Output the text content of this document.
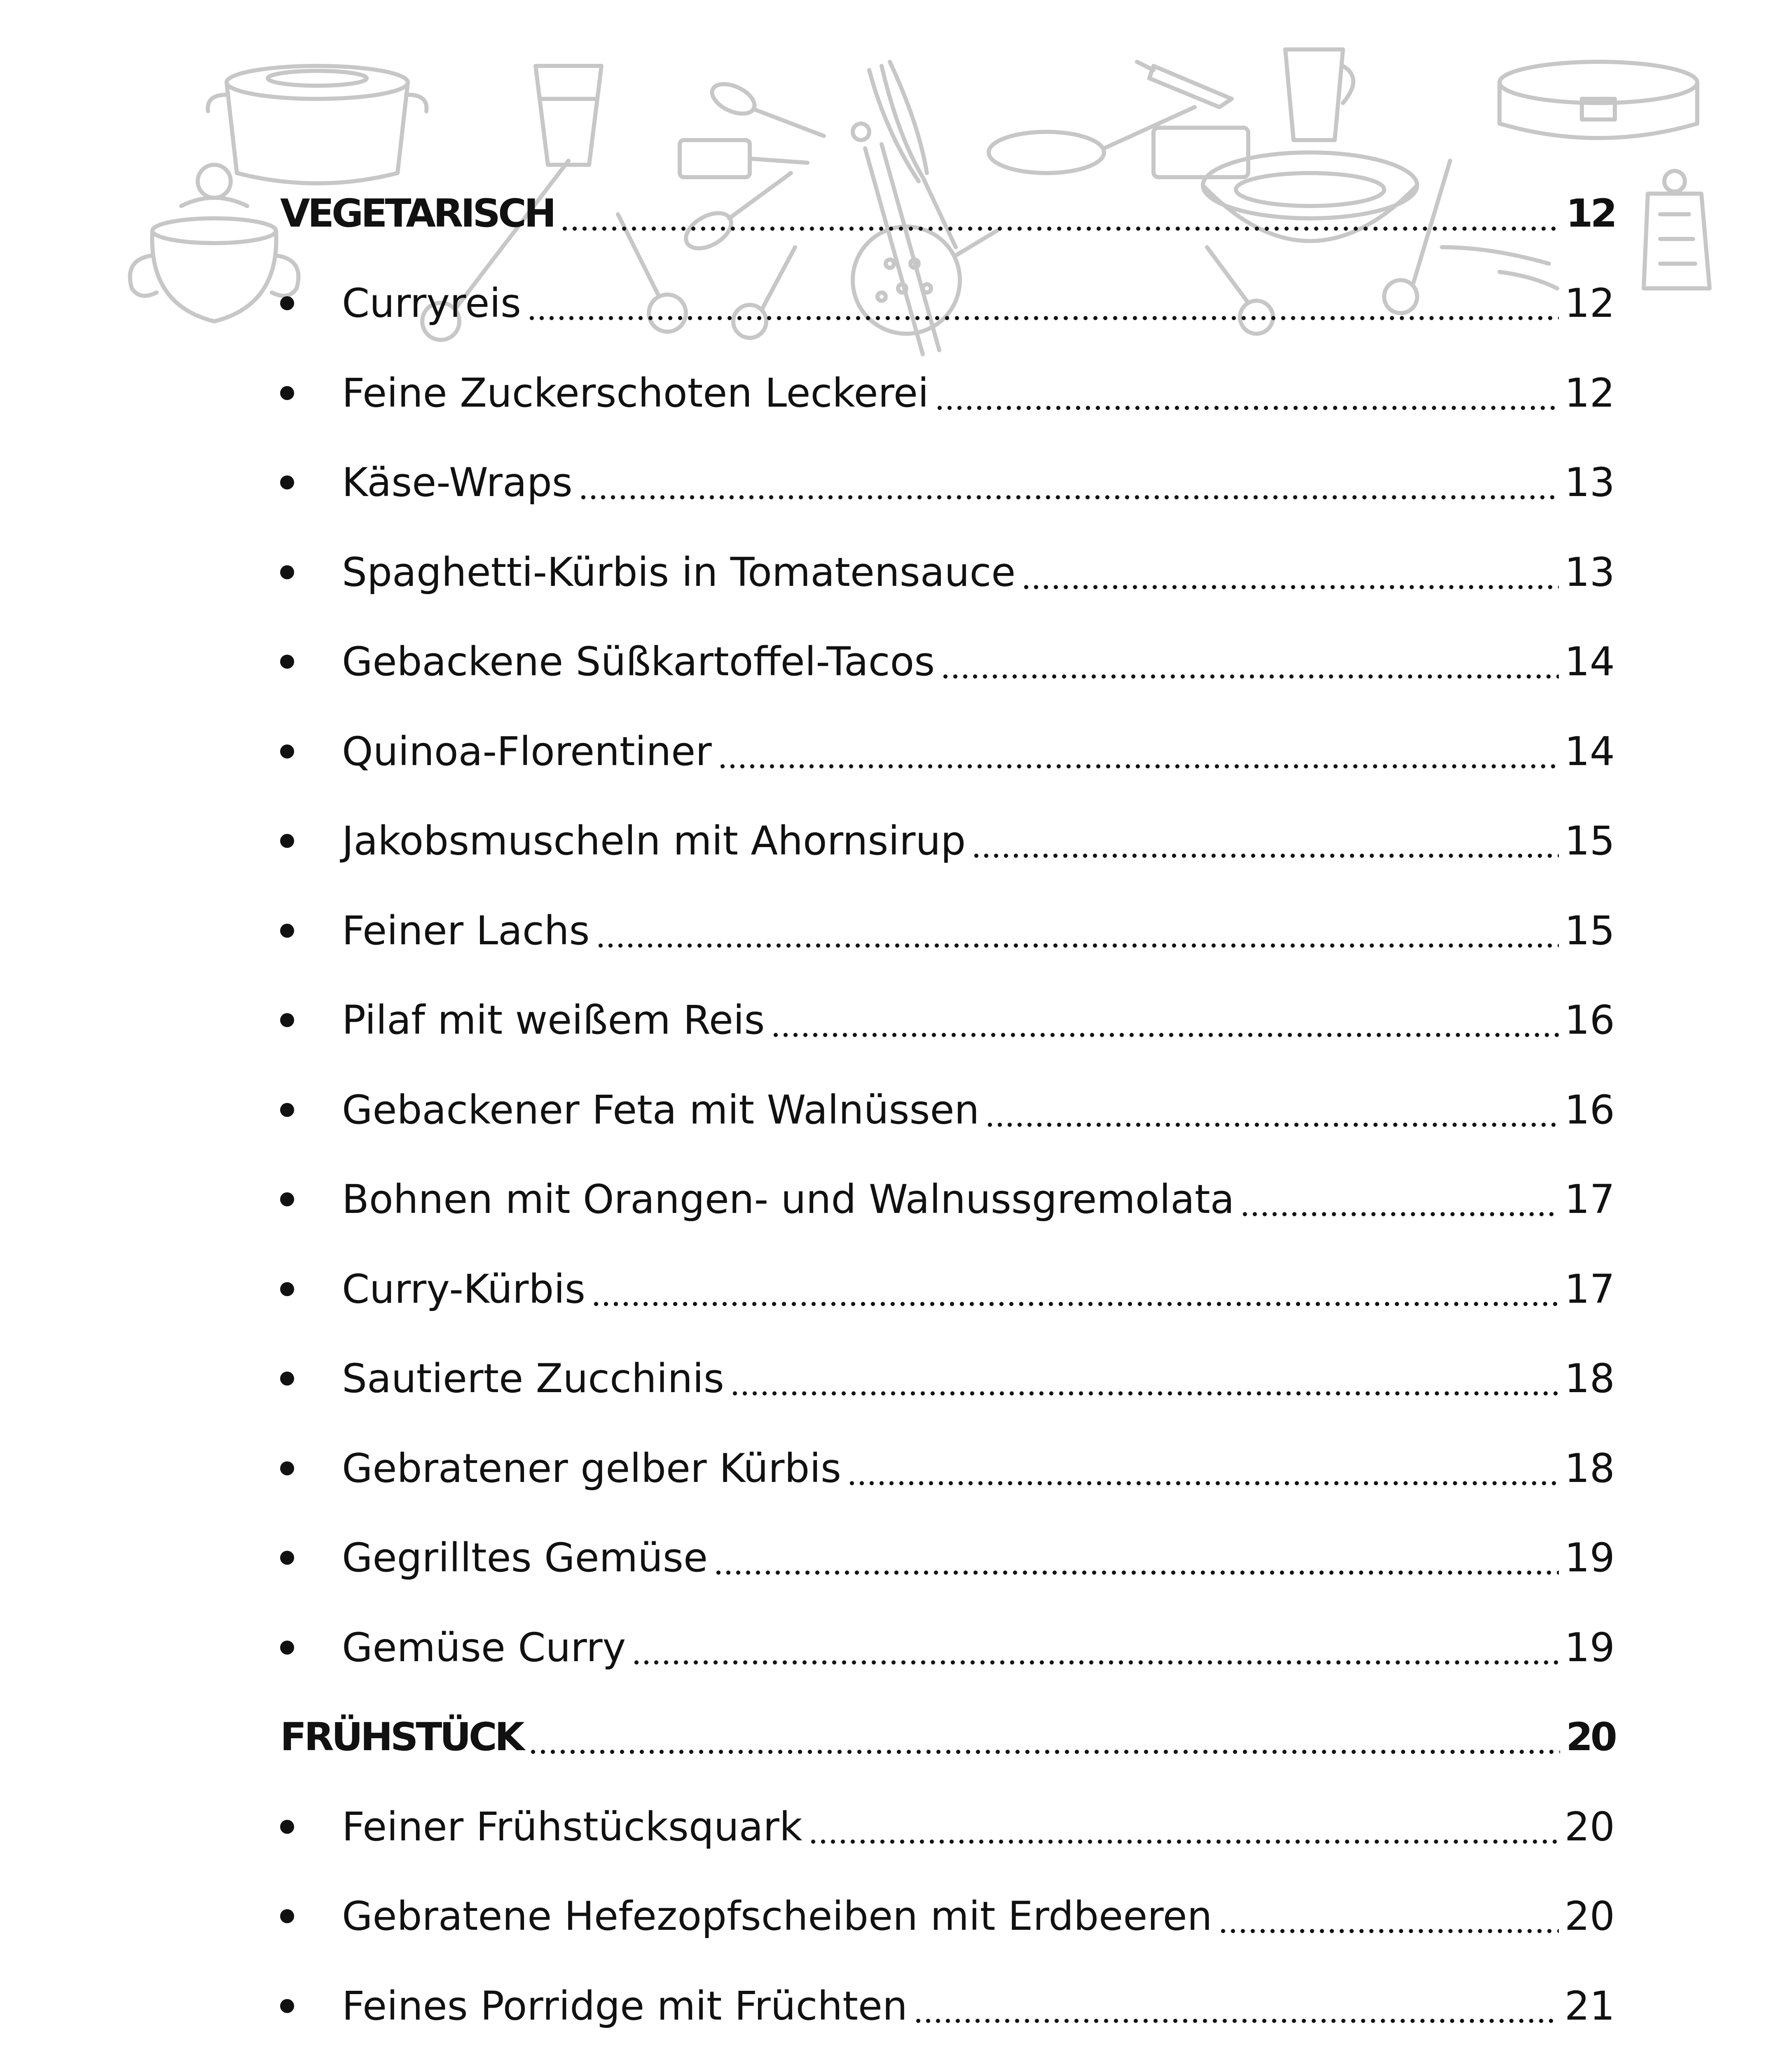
VEGETARISCH	12
Curryreis	12
Feine Zuckerschoten Leckerei	12
Käse-Wraps	13
Spaghetti-Kürbis in Tomatensauce	13
Gebackene Süßkartoffel-Tacos	14
Quinoa-Florentiner	14
Jakobsmuscheln mit Ahornsirup	15
Feiner Lachs	15
Pilaf mit weißem Reis	16
Gebackener Feta mit Walnüssen	16
Bohnen mit Orangen- und Walnussgremolata	17
Curry-Kürbis	17
Sautierte Zucchinis	18
Gebratener gelber Kürbis	18
Gegrilltes Gemüse	19
Gemüse Curry	19
FRÜHSTÜCK	20
Feiner Frühstücksquark	20
Gebratene Hefezopfscheiben mit Erdbeeren	20
Feines Porridge mit Früchten	21
